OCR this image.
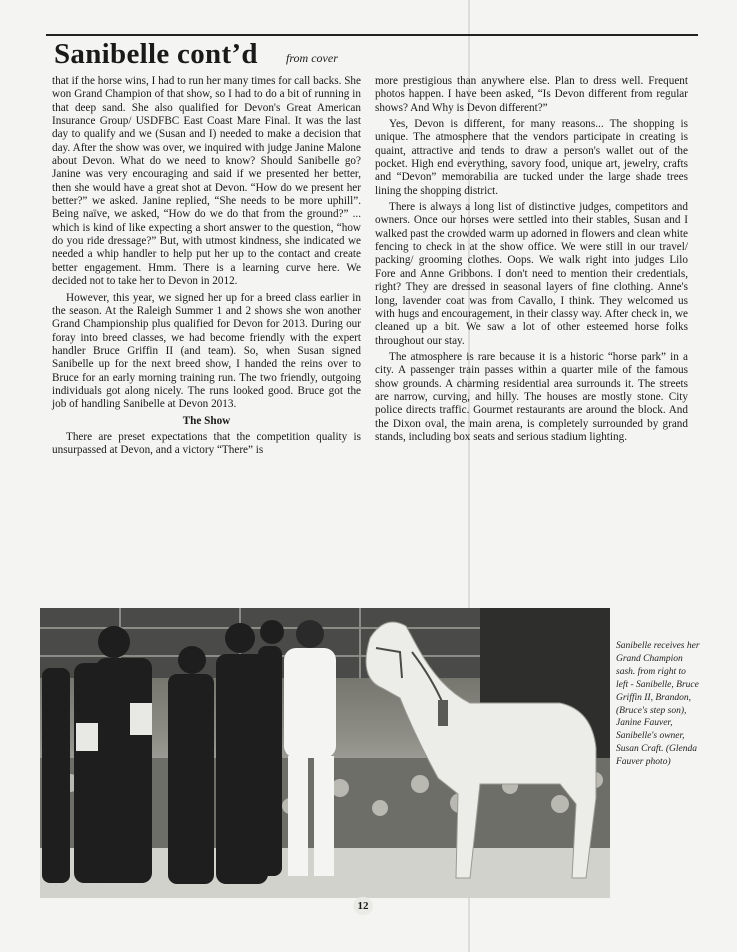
Sanibelle cont’d from cover

that if the horse wins, I had to run her many times for call backs. She won Grand Champion of that show, so I had to do a bit of running in that deep sand. She also qualified for Devon's Great American Insurance Group/ USDFBC East Coast Mare Final. It was the last day to qualify and we (Susan and I) needed to make a decision that day. After the show was over, we inquired with judge Janine Malone about Devon. What do we need to know? Should Sanibelle go? Janine was very encouraging and said if we presented her better, then she would have a great shot at Devon. “How do we present her better?” we asked. Janine replied, “She needs to be more uphill”. Being naïve, we asked, “How do we do that from the ground?” ... which is kind of like expecting a short answer to the question, “how do you ride dressage?” But, with utmost kindness, she indicated we needed a whip handler to help put her up to the contact and create better engagement. Hmm. There is a learning curve here. We decided not to take her to Devon in 2012.

However, this year, we signed her up for a breed class earlier in the season. At the Raleigh Summer 1 and 2 shows she won another Grand Championship plus qualified for Devon for 2013. During our foray into breed classes, we had become friendly with the expert handler Bruce Griffin II (and team). So, when Susan signed Sanibelle up for the next breed show, I handed the reins over to Bruce for an early morning training run. The two friendly, outgoing individuals got along nicely. The runs looked good. Bruce got the job of handling Sanibelle at Devon 2013.

The Show

There are preset expectations that the competition quality is unsurpassed at Devon, and a victory “There” is

more prestigious than anywhere else. Plan to dress well. Frequent photos happen. I have been asked, “Is Devon different from regular shows? And Why is Devon different?”

Yes, Devon is different, for many reasons... The shopping is unique. The atmosphere that the vendors participate in creating is quaint, attractive and tends to draw a person's wallet out of the pocket. High end everything, savory food, unique art, jewelry, crafts and “Devon” memorabilia are tucked under the large shade trees lining the shopping district.

There is always a long list of distinctive judges, competitors and owners. Once our horses were settled into their stables, Susan and I walked past the crowded warm up adorned in flowers and clean white fencing to check in at the show office. We were still in our travel/ packing/ grooming clothes. Oops. We walk right into judges Lilo Fore and Anne Gribbons. I don't need to mention their credentials, right? They are dressed in seasonal layers of fine clothing. Anne's long, lavender coat was from Cavallo, I think. They welcomed us with hugs and encouragement, in their classy way. After check in, we cleaned up a bit. We saw a lot of other esteemed horse folks throughout our stay.

The atmosphere is rare because it is a historic “horse park” in a city. A passenger train passes within a quarter mile of the famous show grounds. A charming residential area surrounds it. The streets are narrow, curving, and hilly. The houses are mostly stone. City police directs traffic. Gourmet restaurants are around the block. And the Dixon oval, the main arena, is completely surrounded by grand stands, including box seats and serious stadium lighting.

Sanibelle receives her Grand Champion sash. from right to left - Sanibelle, Bruce Griffin II, Brandon, (Bruce's step son), Janine Fauver, Sanibelle's owner, Susan Craft. (Glenda Fauver photo)
12
